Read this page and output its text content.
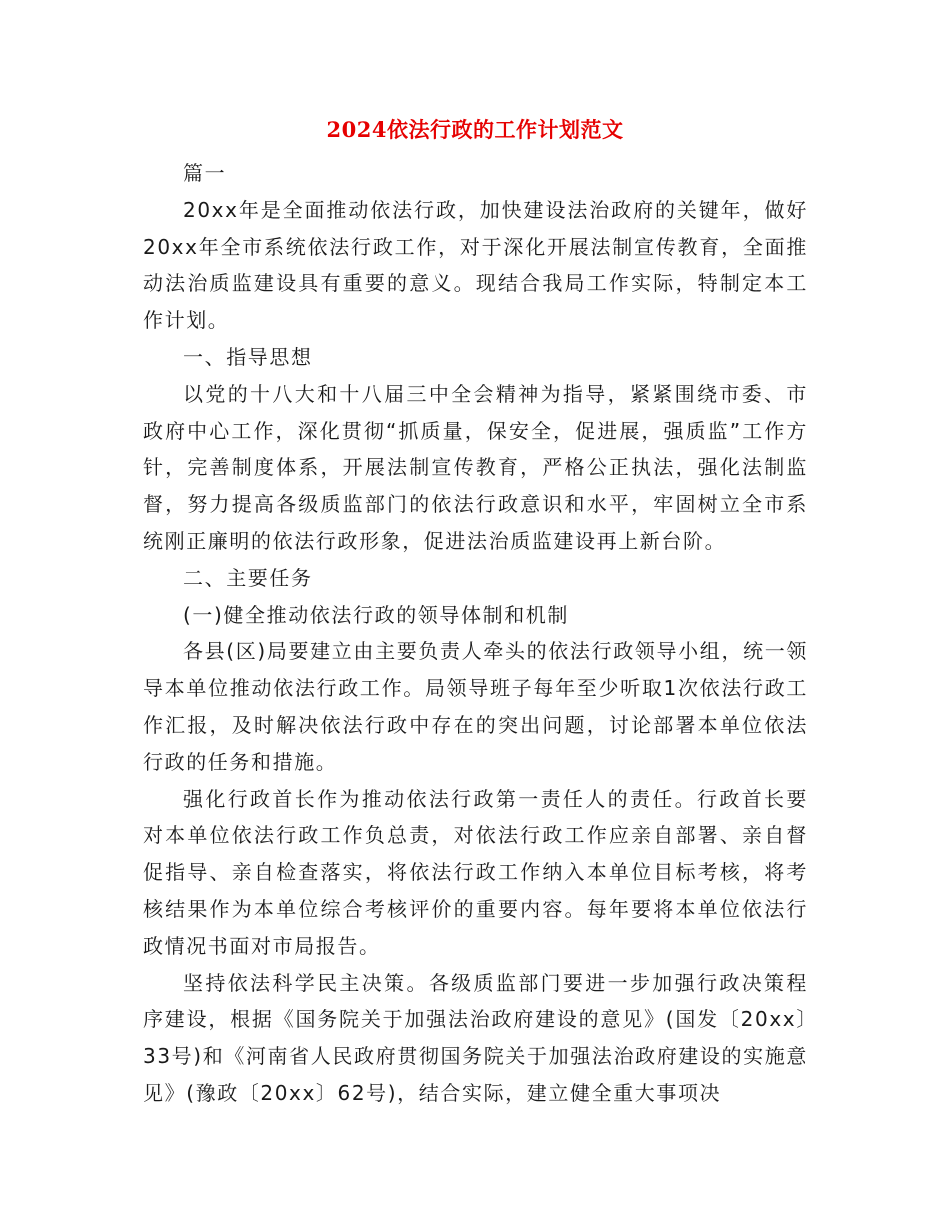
2024依法行政的工作计划范文

篇一

20xx年是全面推动依法行政，加快建设法治政府的关键年，做好20xx年全市系统依法行政工作，对于深化开展法制宣传教育，全面推动法治质监建设具有重要的意义。现结合我局工作实际，特制定本工作计划。

一、指导思想

以党的十八大和十八届三中全会精神为指导，紧紧围绕市委、市政府中心工作，深化贯彻“抓质量，保安全，促进展，强质监”工作方针，完善制度体系，开展法制宣传教育，严格公正执法，强化法制监督，努力提高各级质监部门的依法行政意识和水平，牢固树立全市系统刚正廉明的依法行政形象，促进法治质监建设再上新台阶。

二、主要任务

(一)健全推动依法行政的领导体制和机制

各县(区)局要建立由主要负责人牵头的依法行政领导小组，统一领导本单位推动依法行政工作。局领导班子每年至少听取1次依法行政工作汇报，及时解决依法行政中存在的突出问题，讨论部署本单位依法行政的任务和措施。

强化行政首长作为推动依法行政第一责任人的责任。行政首长要对本单位依法行政工作负总责，对依法行政工作应亲自部署、亲自督促指导、亲自检查落实，将依法行政工作纳入本单位目标考核，将考核结果作为本单位综合考核评价的重要内容。每年要将本单位依法行政情况书面对市局报告。

坚持依法科学民主决策。各级质监部门要进一步加强行政决策程序建设，根据《国务院关于加强法治政府建设的意见》(国发〔20xx〕33号)和《河南省人民政府贯彻国务院关于加强法治政府建设的实施意见》(豫政〔20xx〕62号)，结合实际，建立健全重大事项决
